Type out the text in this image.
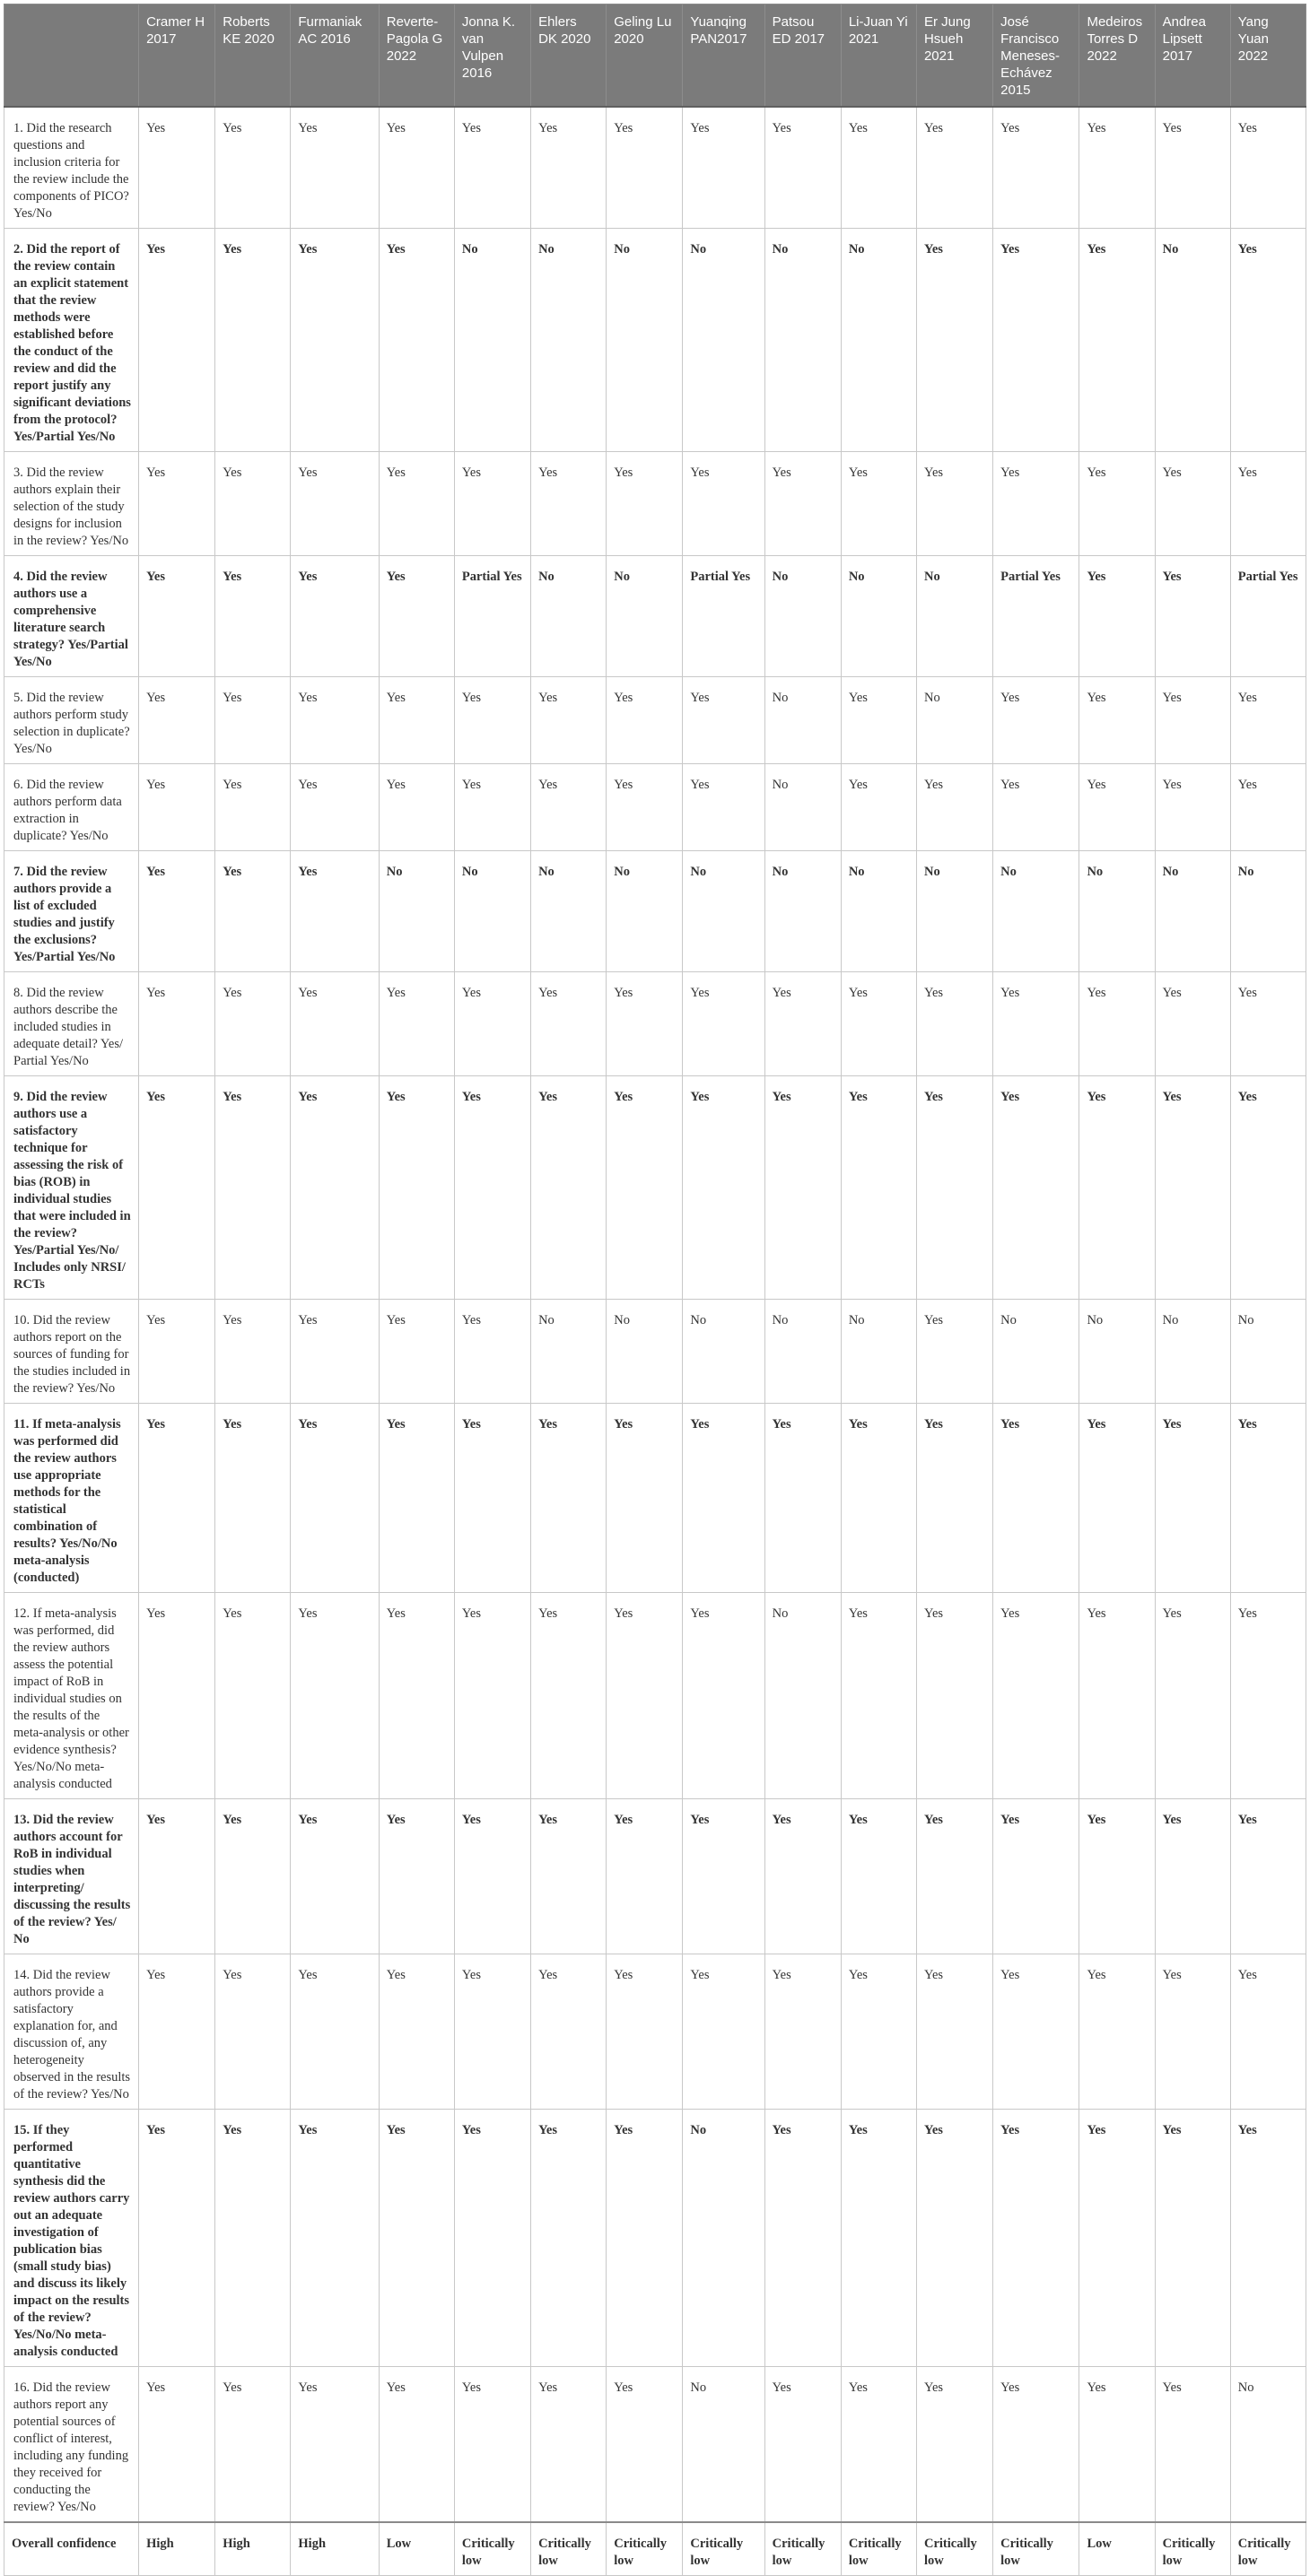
	Cramer H 2017	Roberts KE 2020	Furmaniak AC 2016	Reverte-Pagola G 2022	Jonna K. van Vulpen 2016	Ehlers DK 2020	Geling Lu 2020	Yuanqing PAN2017	Patsou ED 2017	Li-Juan Yi 2021	Er Jung Hsueh 2021	José Francisco Meneses-Echávez 2015	Medeiros Torres D 2022	Andrea Lipsett 2017	Yang Yuan 2022
1. Did the research questions and inclusion criteria for the review include the components of PICO? Yes/No	Yes	Yes	Yes	Yes	Yes	Yes	Yes	Yes	Yes	Yes	Yes	Yes	Yes	Yes	Yes
2. Did the report of the review contain an explicit statement that the review methods were established before the conduct of the review and did the report justify any significant deviations from the protocol? Yes/Partial Yes/No	Yes	Yes	Yes	Yes	No	No	No	No	No	No	Yes	Yes	Yes	No	Yes
3. Did the review authors explain their selection of the study designs for inclusion in the review? Yes/No	Yes	Yes	Yes	Yes	Yes	Yes	Yes	Yes	Yes	Yes	Yes	Yes	Yes	Yes	Yes
4. Did the review authors use a comprehensive literature search strategy? Yes/Partial Yes/No	Yes	Yes	Yes	Yes	Partial Yes	No	No	Partial Yes	No	No	No	Partial Yes	Yes	Yes	Partial Yes
5. Did the review authors perform study selection in duplicate? Yes/No	Yes	Yes	Yes	Yes	Yes	Yes	Yes	Yes	No	Yes	No	Yes	Yes	Yes	Yes
6. Did the review authors perform data extraction in duplicate? Yes/No	Yes	Yes	Yes	Yes	Yes	Yes	Yes	Yes	No	Yes	Yes	Yes	Yes	Yes	Yes
7. Did the review authors provide a list of excluded studies and justify the exclusions? Yes/Partial Yes/No	Yes	Yes	Yes	No	No	No	No	No	No	No	No	No	No	No	No
8. Did the review authors describe the included studies in adequate detail? Yes/ Partial Yes/No	Yes	Yes	Yes	Yes	Yes	Yes	Yes	Yes	Yes	Yes	Yes	Yes	Yes	Yes	Yes
9. Did the review authors use a satisfactory technique for assessing the risk of bias (ROB) in individual studies that were included in the review? Yes/Partial Yes/No/ Includes only NRSI/ RCTs	Yes	Yes	Yes	Yes	Yes	Yes	Yes	Yes	Yes	Yes	Yes	Yes	Yes	Yes	Yes
10. Did the review authors report on the sources of funding for the studies included in the review? Yes/No	Yes	Yes	Yes	Yes	Yes	No	No	No	No	No	Yes	No	No	No	No
11. If meta-analysis was performed did the review authors use appropriate methods for the statistical combination of results? Yes/No/No meta-analysis (conducted)	Yes	Yes	Yes	Yes	Yes	Yes	Yes	Yes	Yes	Yes	Yes	Yes	Yes	Yes	Yes
12. If meta-analysis was performed, did the review authors assess the potential impact of RoB in individual studies on the results of the meta-analysis or other evidence synthesis? Yes/No/No meta-analysis conducted	Yes	Yes	Yes	Yes	Yes	Yes	Yes	Yes	No	Yes	Yes	Yes	Yes	Yes	Yes
13. Did the review authors account for RoB in individual studies when interpreting/ discussing the results of the review? Yes/ No	Yes	Yes	Yes	Yes	Yes	Yes	Yes	Yes	Yes	Yes	Yes	Yes	Yes	Yes	Yes
14. Did the review authors provide a satisfactory explanation for, and discussion of, any heterogeneity observed in the results of the review? Yes/No	Yes	Yes	Yes	Yes	Yes	Yes	Yes	Yes	Yes	Yes	Yes	Yes	Yes	Yes	Yes
15. If they performed quantitative synthesis did the review authors carry out an adequate investigation of publication bias (small study bias) and discuss its likely impact on the results of the review? Yes/No/No meta-analysis conducted	Yes	Yes	Yes	Yes	Yes	Yes	Yes	No	Yes	Yes	Yes	Yes	Yes	Yes	Yes
16. Did the review authors report any potential sources of conflict of interest, including any funding they received for conducting the review? Yes/No	Yes	Yes	Yes	Yes	Yes	Yes	Yes	No	Yes	Yes	Yes	Yes	Yes	Yes	No
Overall confidence	High	High	High	Low	Critically low	Critically low	Critically low	Critically low	Critically low	Critically low	Critically low	Critically low	Low	Critically low	Critically low
